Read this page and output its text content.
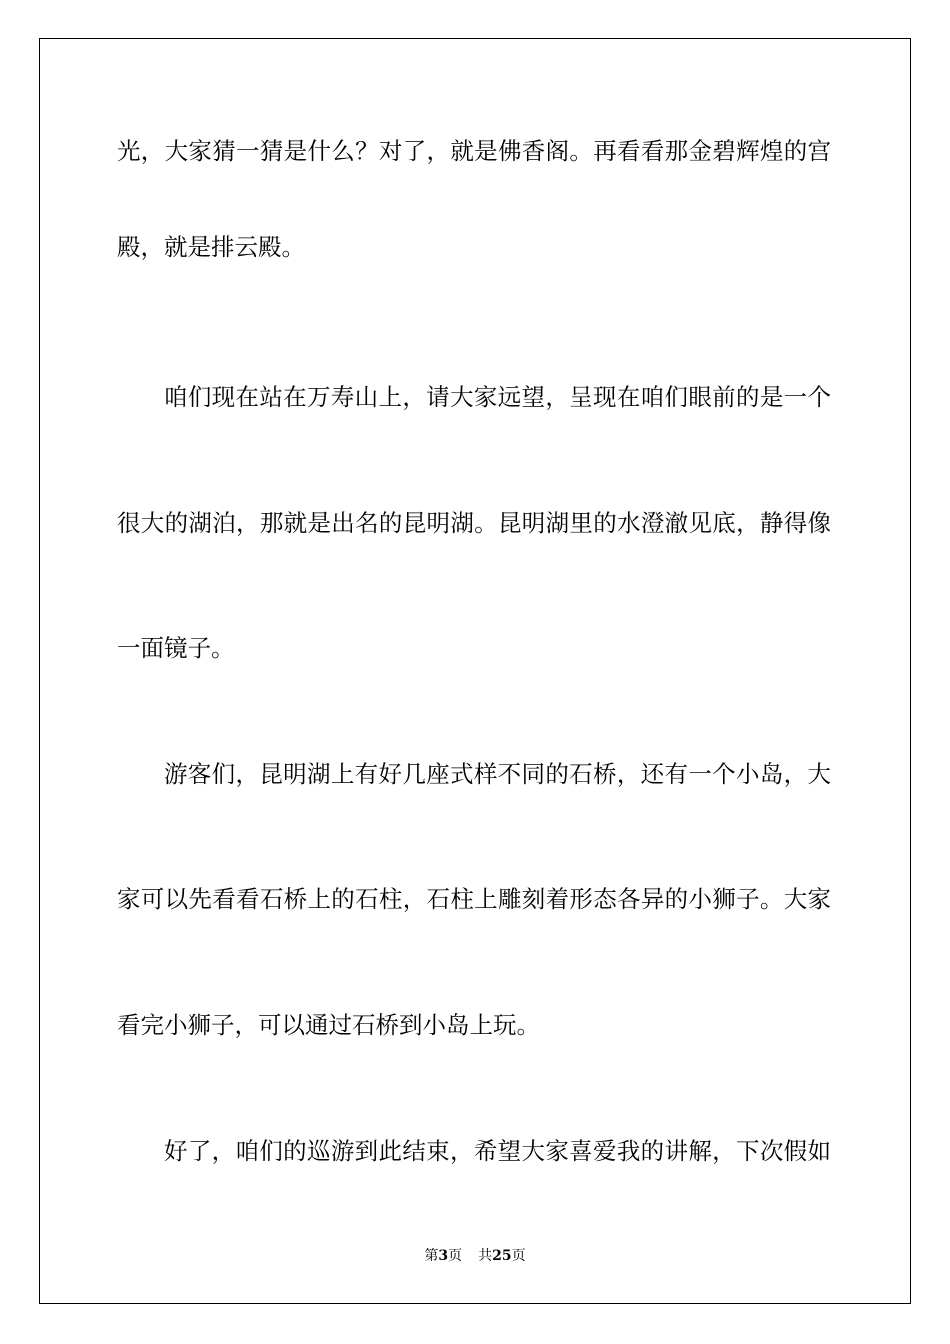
光，大家猜一猜是什么？对了，就是佛香阁。再看看那金碧辉煌的宫
殿，就是排云殿。
咱们现在站在万寿山上，请大家远望，呈现在咱们眼前的是一个
很大的湖泊，那就是出名的昆明湖。昆明湖里的水澄澈见底，静得像
一面镜子。
游客们，昆明湖上有好几座式样不同的石桥，还有一个小岛，大
家可以先看看石桥上的石柱，石柱上雕刻着形态各异的小狮子。大家
看完小狮子，可以通过石桥到小岛上玩。
好了，咱们的巡游到此结束，希望大家喜爱我的讲解，下次假如
第3页 共25页
